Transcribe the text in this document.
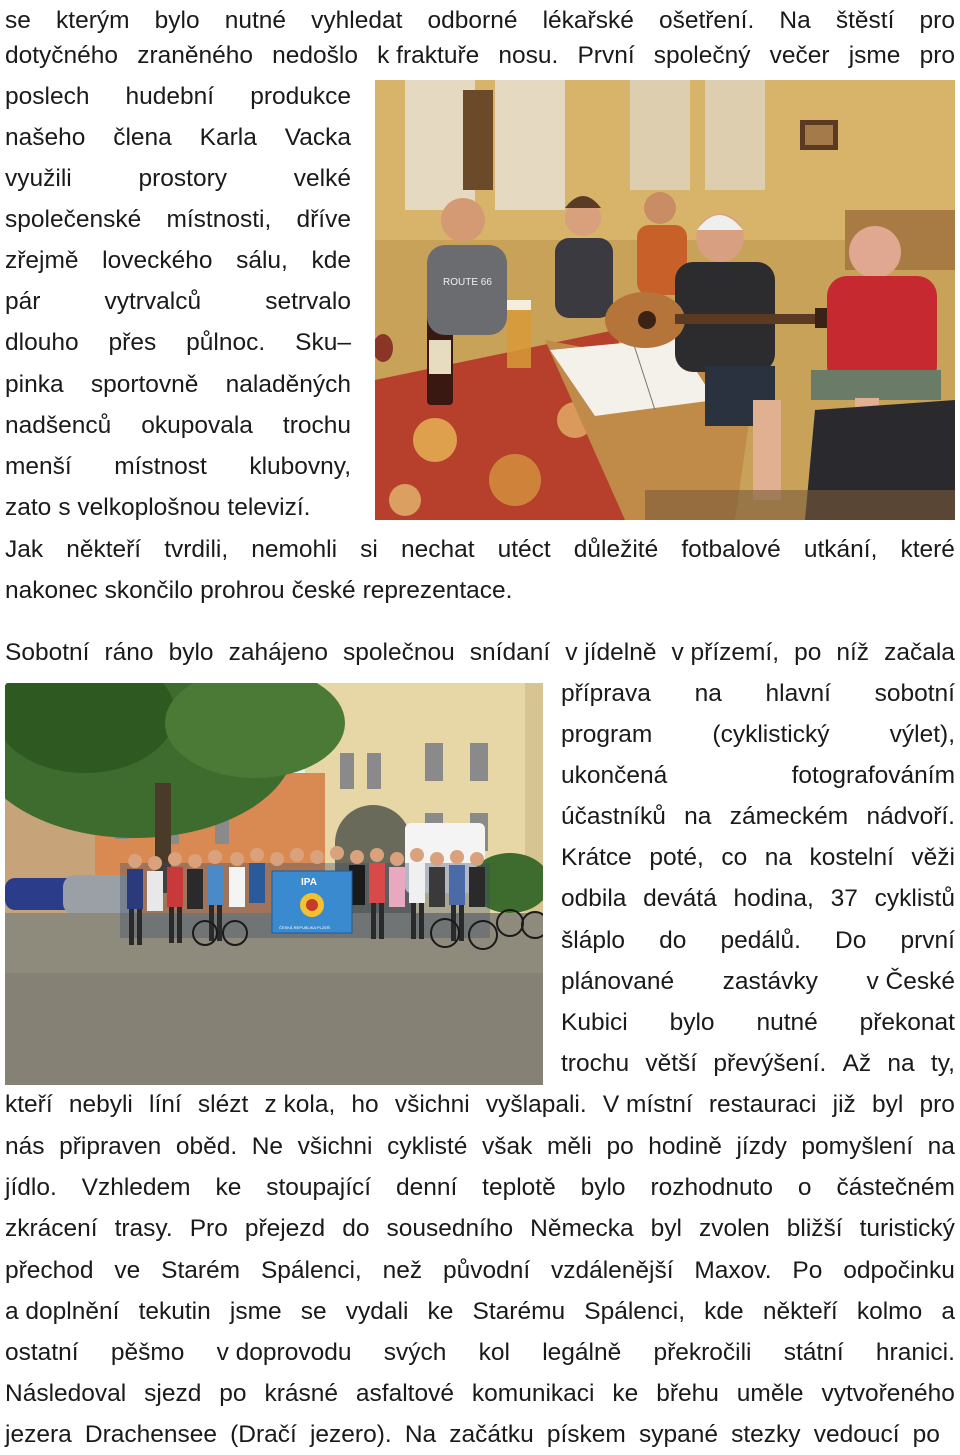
se kterým bylo nutné vyhledat odborné lékařské ošetření. Na štěstí pro
dotyčného zraněného nedošlo k fraktuře nosu. První společný večer jsme pro
poslech hudební produkce
našeho člena Karla Vacka
využili	prostory	velké
společenské místnosti, dříve
zřejmě loveckého sálu, kde
pár	vytrvalců	setrvalo
dlouho přes půlnoc. Sku–
pinka sportovně naladěných
nadšenců okupovala trochu
menší místnost klubovny,
zato s velkoplošnou televizí.
Jak někteří tvrdili, nemohli si nechat utéct důležité fotbalové utkání, které
nakonec skončilo prohrou české reprezentace.
Sobotní ráno bylo zahájeno společnou snídaní v jídelně v přízemí, po níž začala
příprava na hlavní sobotní
program (cyklistický výlet),
ukončená	fotografováním
účastníků na zámeckém nádvoří.
Krátce poté, co na kostelní věži
odbila devátá hodina, 37 cyklistů
šláplo do pedálů. Do první
plánované zastávky v České
Kubici bylo nutné překonat
trochu větší převýšení. Až na ty,
kteří nebyli líní slézt z kola, ho všichni vyšlapali. V místní restauraci již byl pro
nás připraven oběd. Ne všichni cyklisté však měli po hodině jízdy pomyšlení na
jídlo. Vzhledem ke stoupající denní teplotě bylo rozhodnuto o částečném
zkrácení trasy. Pro přejezd do sousedního Německa byl zvolen bližší turistický
přechod ve Starém Spálenci, než původní vzdálenější Maxov. Po odpočinku
a doplnění tekutin jsme se vydali ke Starému Spálenci, kde někteří kolmo a
ostatní pěšmo v doprovodu svých kol legálně překročili státní hranici.
Následoval sjezd po krásné asfaltové komunikaci ke břehu uměle vytvořeného
jezera Drachensee (Dračí jezero). Na začátku pískem sypané stezky vedoucí po
ROUTE 66
IPA
ČESKÁ REPUBLIKA PLZEŇ
